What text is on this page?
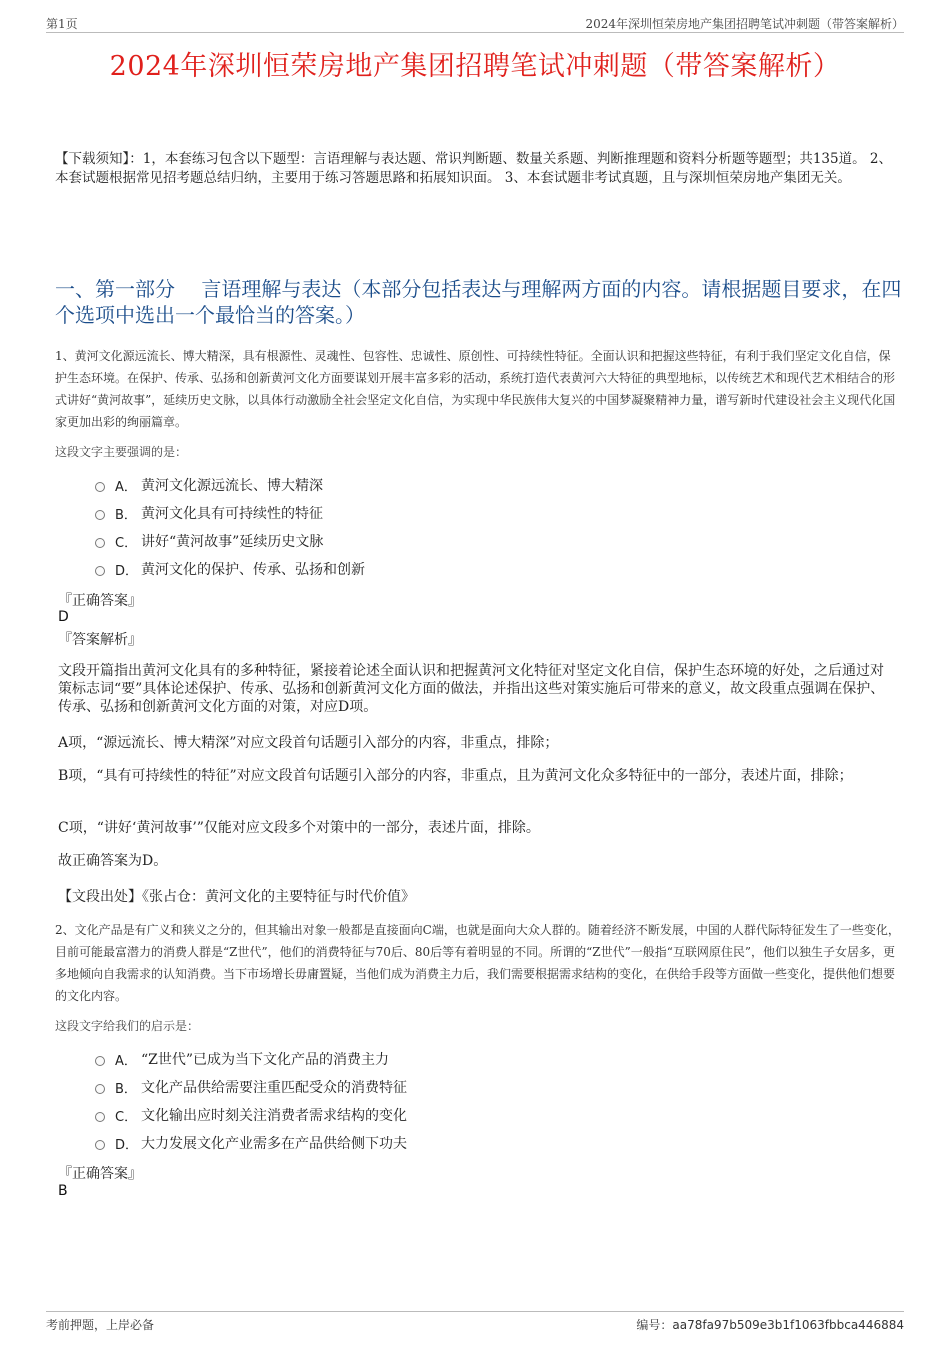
第1页	2024年深圳恒荣房地产集团招聘笔试冲刺题（带答案解析）
2024年深圳恒荣房地产集团招聘笔试冲刺题（带答案解析）
【下载须知】：1，本套练习包含以下题型：言语理解与表达题、常识判断题、数量关系题、判断推理题和资料分析题等题型；共135道。 2、本套试题根据常见招考题总结归纳，主要用于练习答题思路和拓展知识面。 3、本套试题非考试真题，且与深圳恒荣房地产集团无关。
一、第一部分　 言语理解与表达（本部分包括表达与理解两方面的内容。请根据题目要求，在四个选项中选出一个最恰当的答案。）
1、黄河文化源远流长、博大精深，具有根源性、灵魂性、包容性、忠诚性、原创性、可持续性特征。全面认识和把握这些特征，有利于我们坚定文化自信，保护生态环境。在保护、传承、弘扬和创新黄河文化方面要谋划开展丰富多彩的活动，系统打造代表黄河六大特征的典型地标，以传统艺术和现代艺术相结合的形式讲好“黄河故事”，延续历史文脉，以具体行动激励全社会坚定文化自信，为实现中华民族伟大复兴的中国梦凝聚精神力量，谱写新时代建设社会主义现代化国家更加出彩的绚丽篇章。
这段文字主要强调的是：
A． 黄河文化源远流长、博大精深
B． 黄河文化具有可持续性的特征
C． 讲好“黄河故事”延续历史文脉
D． 黄河文化的保护、传承、弘扬和创新
『正确答案』
D
『答案解析』
文段开篇指出黄河文化具有的多种特征，紧接着论述全面认识和把握黄河文化特征对坚定文化自信，保护生态环境的好处，之后通过对策标志词“要”具体论述保护、传承、弘扬和创新黄河文化方面的做法，并指出这些对策实施后可带来的意义，故文段重点强调在保护、传承、弘扬和创新黄河文化方面的对策，对应D项。
A项，“源远流长、博大精深”对应文段首句话题引入部分的内容，非重点，排除；
B项，“具有可持续性的特征”对应文段首句话题引入部分的内容，非重点，且为黄河文化众多特征中的一部分，表述片面，排除；
C项，“讲好‘黄河故事’”仅能对应文段多个对策中的一部分，表述片面，排除。
故正确答案为D。
【文段出处】《张占仓：黄河文化的主要特征与时代价值》
2、文化产品是有广义和狭义之分的，但其输出对象一般都是直接面向C端，也就是面向大众人群的。随着经济不断发展，中国的人群代际特征发生了一些变化，目前可能最富潜力的消费人群是“Z世代”，他们的消费特征与70后、80后等有着明显的不同。所谓的“Z世代”一般指“互联网原住民”，他们以独生子女居多，更多地倾向自我需求的认知消费。当下市场增长毋庸置疑，当他们成为消费主力后，我们需要根据需求结构的变化，在供给手段等方面做一些变化，提供他们想要的文化内容。
这段文字给我们的启示是：
A． “Z世代”已成为当下文化产品的消费主力
B． 文化产品供给需要注重匹配受众的消费特征
C． 文化输出应时刻关注消费者需求结构的变化
D． 大力发展文化产业需多在产品供给侧下功夫
『正确答案』
B
考前押题，上岸必备	编号：aa78fa97b509e3b1f1063fbbca446884
